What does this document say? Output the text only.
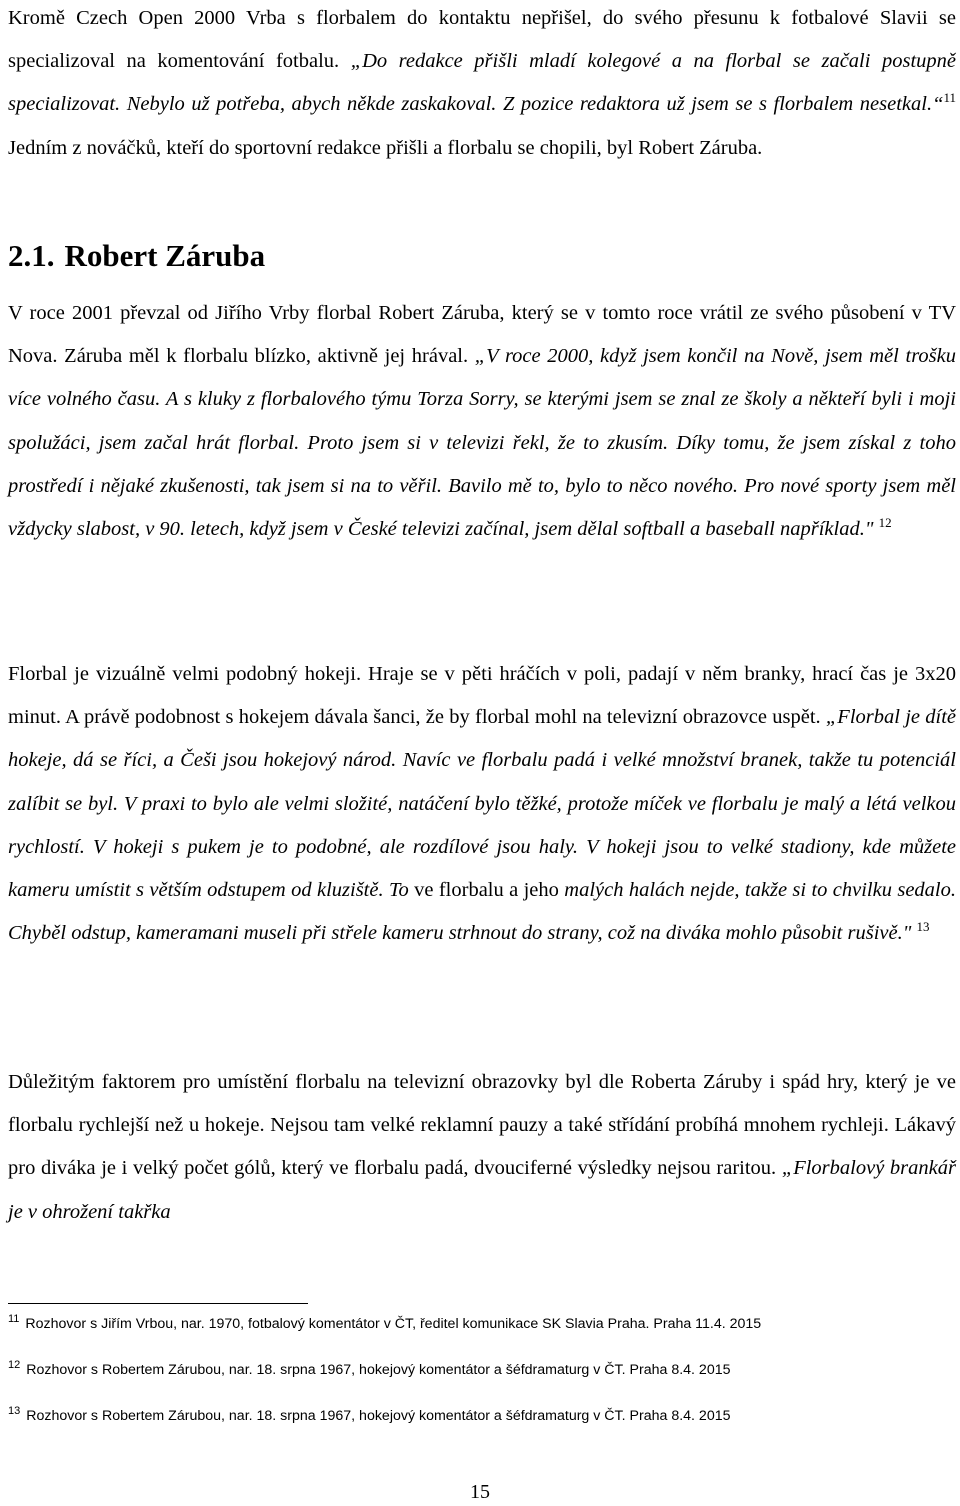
Kromě Czech Open 2000 Vrba s florbalem do kontaktu nepřišel, do svého přesunu k fotbalové Slavii se specializoval na komentování fotbalu. „Do redakce přišli mladí kolegové a na florbal se začali postupně specializovat. Nebylo už potřeba, abych někde zaskakoval. Z pozice redaktora už jsem se s florbalem nesetkal.“$^{11}$ Jedním z nováčků, kteří do sportovní redakce přišli a florbalu se chopili, byl Robert Záruba.
2.1. Robert Záruba
V roce 2001 převzal od Jiřího Vrby florbal Robert Záruba, který se v tomto roce vrátil ze svého působení v TV Nova. Záruba měl k florbalu blízko, aktivně jej hrával. „V roce 2000, když jsem končil na Nově, jsem měl trošku více volného času. A s kluky z florbalového týmu Torza Sorry, se kterými jsem se znal ze školy a někteří byli i moji spolužáci, jsem začal hrát florbal. Proto jsem si v televizi řekl, že to zkusím. Díky tomu, že jsem získal z toho prostředí i nějaké zkušenosti, tak jsem si na to věřil. Bavilo mě to, bylo to něco nového. Pro nové sporty jsem měl vždycky slabost, v 90. letech, když jsem v České televizi začínal, jsem dělal softball a baseball například." $^{12}$
Florbal je vizuálně velmi podobný hokeji. Hraje se v pěti hráčích v poli, padají v něm branky, hrací čas je 3x20 minut. A právě podobnost s hokejem dávala šanci, že by florbal mohl na televizní obrazovce uspět. „Florbal je dítě hokeje, dá se říci, a Češi jsou hokejový národ. Navíc ve florbalu padá i velké množství branek, takže tu potenciál zalíbit se byl. V praxi to bylo ale velmi složité, natáčení bylo těžké, protože míček ve florbalu je malý a létá velkou rychlostí. V hokeji s pukem je to podobné, ale rozdílové jsou haly. V hokeji jsou to velké stadiony, kde můžete kameru umístit s větším odstupem od kluziště. To ve florbalu a jeho malých halách nejde, takže si to chvilku sedalo. Chyběl odstup, kameramani museli při střele kameru strhnout do strany, což na diváka mohlo působit rušivě." $^{13}$
Důležitým faktorem pro umístění florbalu na televizní obrazovky byl dle Roberta Záruby i spád hry, který je ve florbalu rychlejší než u hokeje. Nejsou tam velké reklamní pauzy a také střídání probíhá mnohem rychleji. Lákavý pro diváka je i velký počet gólů, který ve florbalu padá, dvouciferné výsledky nejsou raritou. „Florbalový brankář je v ohrožení takřka
$^{11}$ Rozhovor s Jiřím Vrbou, nar. 1970, fotbalový komentátor v ČT, ředitel komunikace SK Slavia Praha. Praha 11.4. 2015
$^{12}$ Rozhovor s Robertem Zárubou, nar. 18. srpna 1967, hokejový komentátor a šéfdramaturg v ČT. Praha 8.4. 2015
$^{13}$ Rozhovor s Robertem Zárubou, nar. 18. srpna 1967, hokejový komentátor a šéfdramaturg v ČT. Praha 8.4. 2015
15
